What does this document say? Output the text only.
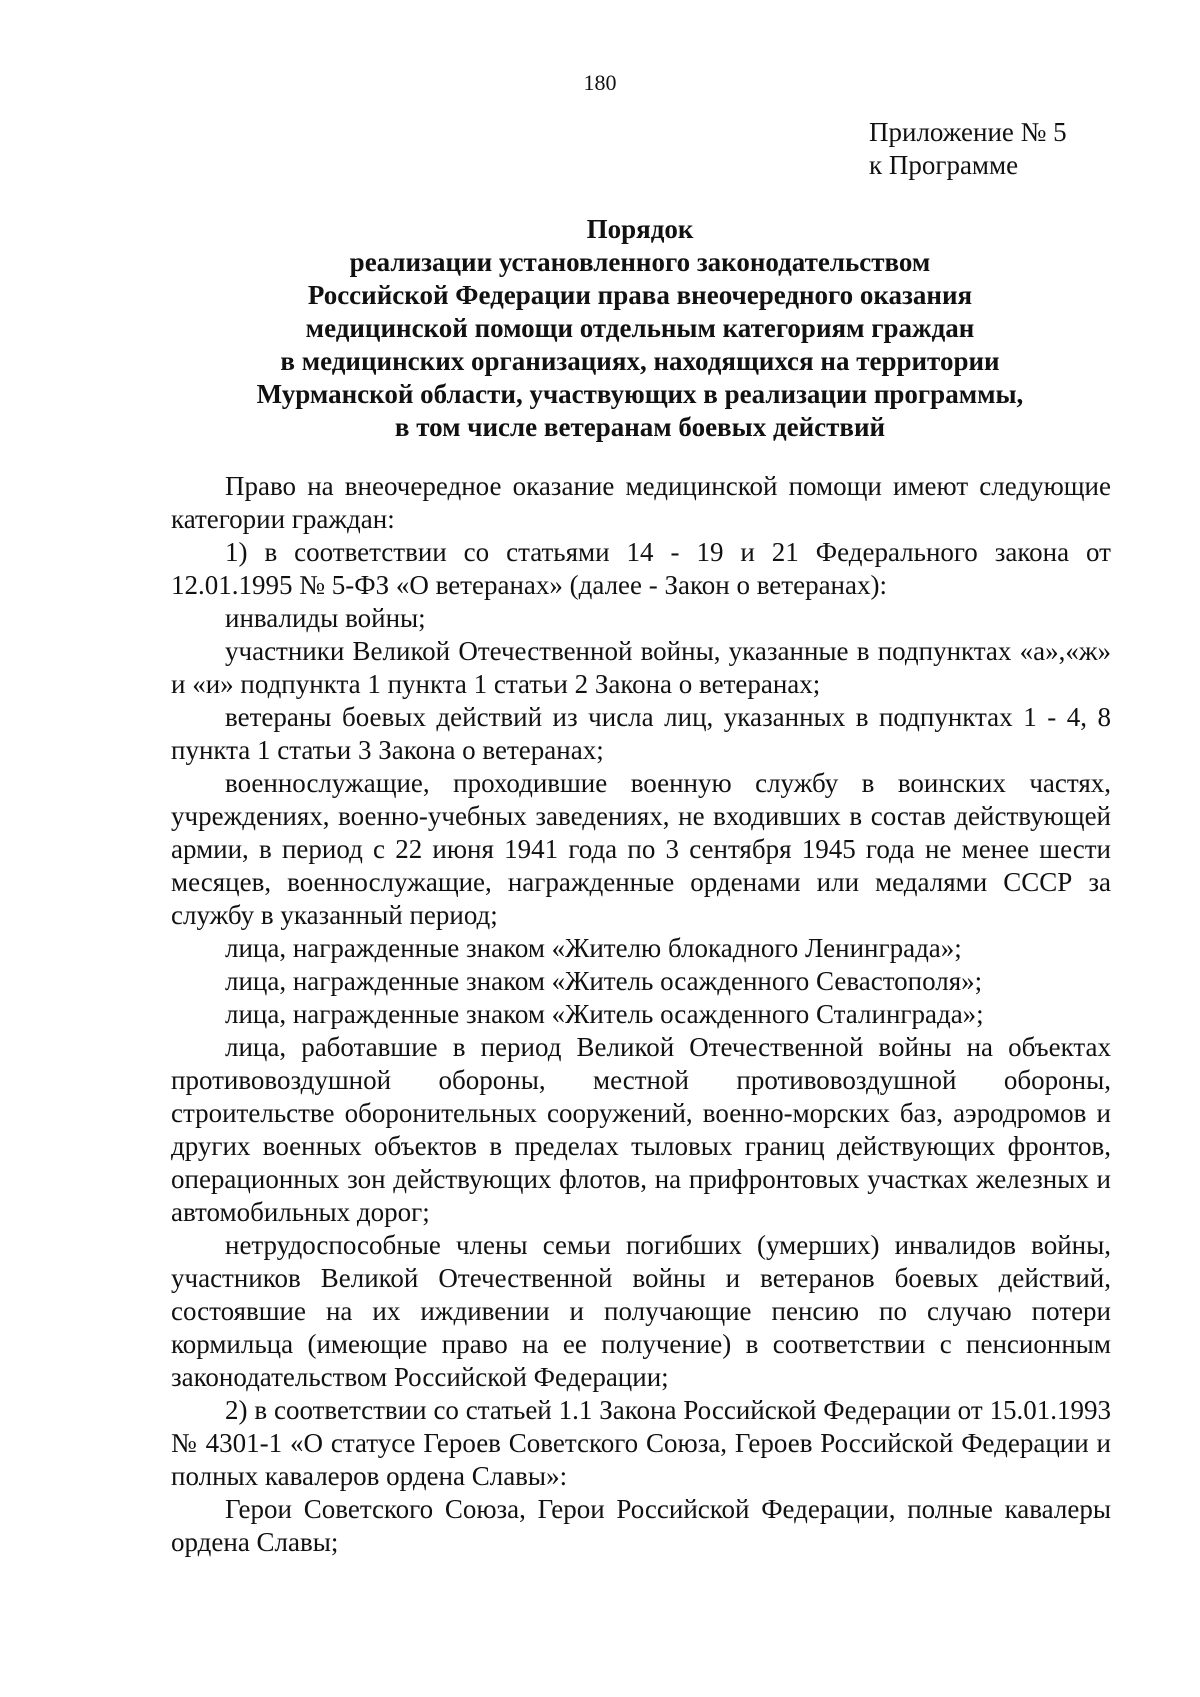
180
Приложение № 5
к Программе
Порядок
реализации установленного законодательством
Российской Федерации права внеочередного оказания
медицинской помощи отдельным категориям граждан
в медицинских организациях, находящихся на территории
Мурманской области, участвующих в реализации программы,
в том числе ветеранам боевых действий

Право на внеочередное оказание медицинской помощи имеют следующие категории граждан:

1) в соответствии со статьями 14 - 19 и 21 Федерального закона от 12.01.1995 № 5-ФЗ «О ветеранах» (далее - Закон о ветеранах):

инвалиды войны;

участники Великой Отечественной войны, указанные в подпунктах «а»,«ж» и «и» подпункта 1 пункта 1 статьи 2 Закона о ветеранах;

ветераны боевых действий из числа лиц, указанных в подпунктах 1 - 4, 8 пункта 1 статьи 3 Закона о ветеранах;

военнослужащие, проходившие военную службу в воинских частях, учреждениях, военно-учебных заведениях, не входивших в состав действующей армии, в период с 22 июня 1941 года по 3 сентября 1945 года не менее шести месяцев, военнослужащие, награжденные орденами или медалями СССР за службу в указанный период;

лица, награжденные знаком «Жителю блокадного Ленинграда»;

лица, награжденные знаком «Житель осажденного Севастополя»;

лица, награжденные знаком «Житель осажденного Сталинграда»;

лица, работавшие в период Великой Отечественной войны на объектах противовоздушной обороны, местной противовоздушной обороны, строительстве оборонительных сооружений, военно-морских баз, аэродромов и других военных объектов в пределах тыловых границ действующих фронтов, операционных зон действующих флотов, на прифронтовых участках железных и автомобильных дорог;

нетрудоспособные члены семьи погибших (умерших) инвалидов войны, участников Великой Отечественной войны и ветеранов боевых действий, состоявшие на их иждивении и получающие пенсию по случаю потери кормильца (имеющие право на ее получение) в соответствии с пенсионным законодательством Российской Федерации;

2) в соответствии со статьей 1.1 Закона Российской Федерации от 15.01.1993 № 4301-1 «О статусе Героев Советского Союза, Героев Российской Федерации и полных кавалеров ордена Славы»:

Герои Советского Союза, Герои Российской Федерации, полные кавалеры ордена Славы;
